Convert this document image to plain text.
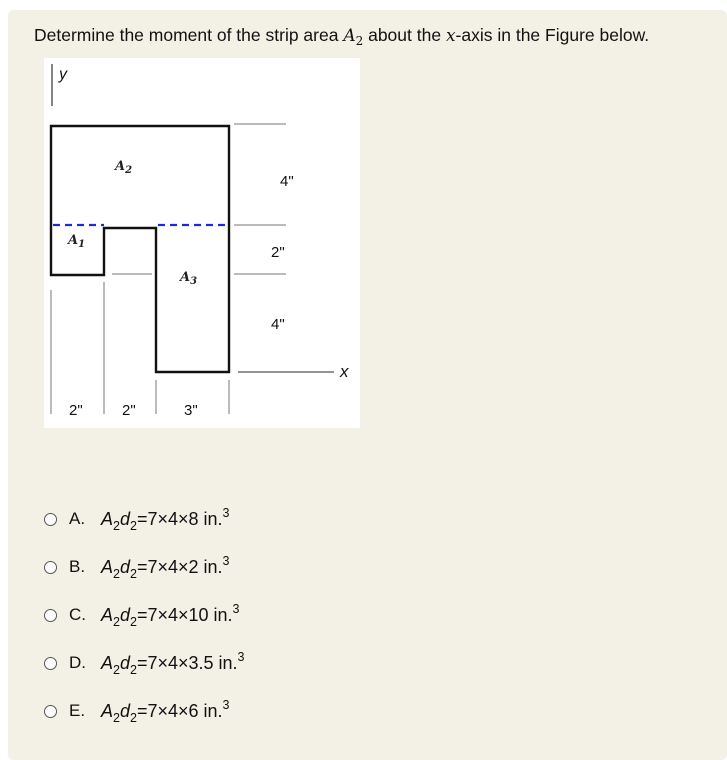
Determine the moment of the strip area $A_2$ about the x-axis in the Figure below.
y
$A_2$
$A_1$
$A_3$
4"
2"
4"
2"	2"	3"
x
A. $A_2d_2=7\times 4\times 8$ in.$^3$
B. $A_2d_2=7\times 4\times 2$ in.$^3$
C. $A_2d_2=7\times 4\times 10$ in.$^3$
D. $A_2d_2=7\times 4\times 3.5$ in.$^3$
E. $A_2d_2=7\times 4\times 6$ in.$^3$
